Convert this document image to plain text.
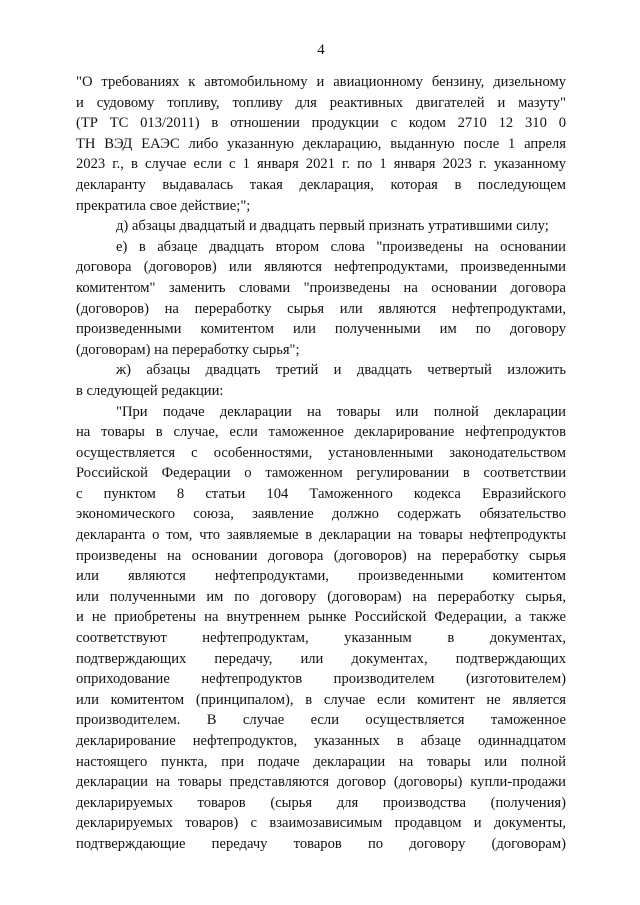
4

"О требованиях к автомобильному и авиационному бензину, дизельному
и судовому топливу, топливу для реактивных двигателей и мазуту"
(ТР ТС 013/2011) в отношении продукции с кодом 2710 12 310 0
ТН ВЭД ЕАЭС либо указанную декларацию, выданную после 1 апреля
2023 г., в случае если с 1 января 2021 г. по 1 января 2023 г. указанному
декларанту выдавалась такая декларация, которая в последующем
прекратила свое действие;";

д) абзацы двадцатый и двадцать первый признать утратившими силу;

е) в абзаце двадцать втором слова "произведены на основании
договора (договоров) или являются нефтепродуктами, произведенными
комитентом" заменить словами "произведены на основании договора
(договоров) на переработку сырья или являются нефтепродуктами,
произведенными комитентом или полученными им по договору
(договорам) на переработку сырья";

ж) абзацы двадцать третий и двадцать четвертый изложить
в следующей редакции:

"При подаче декларации на товары или полной декларации
на товары в случае, если таможенное декларирование нефтепродуктов
осуществляется с особенностями, установленными законодательством
Российской Федерации о таможенном регулировании в соответствии
с пунктом 8 статьи 104 Таможенного кодекса Евразийского
экономического союза, заявление должно содержать обязательство
декларанта о том, что заявляемые в декларации на товары нефтепродукты
произведены на основании договора (договоров) на переработку сырья
или являются нефтепродуктами, произведенными комитентом
или полученными им по договору (договорам) на переработку сырья,
и не приобретены на внутреннем рынке Российской Федерации, а также
соответствуют нефтепродуктам, указанным в документах,
подтверждающих передачу, или документах, подтверждающих
оприходование нефтепродуктов производителем (изготовителем)
или комитентом (принципалом), в случае если комитент не является
производителем. В случае если осуществляется таможенное
декларирование нефтепродуктов, указанных в абзаце одиннадцатом
настоящего пункта, при подаче декларации на товары или полной
декларации на товары представляются договор (договоры) купли-продажи
декларируемых товаров (сырья для производства (получения)
декларируемых товаров) с взаимозависимым продавцом и документы,
подтверждающие передачу товаров по договору (договорам)
